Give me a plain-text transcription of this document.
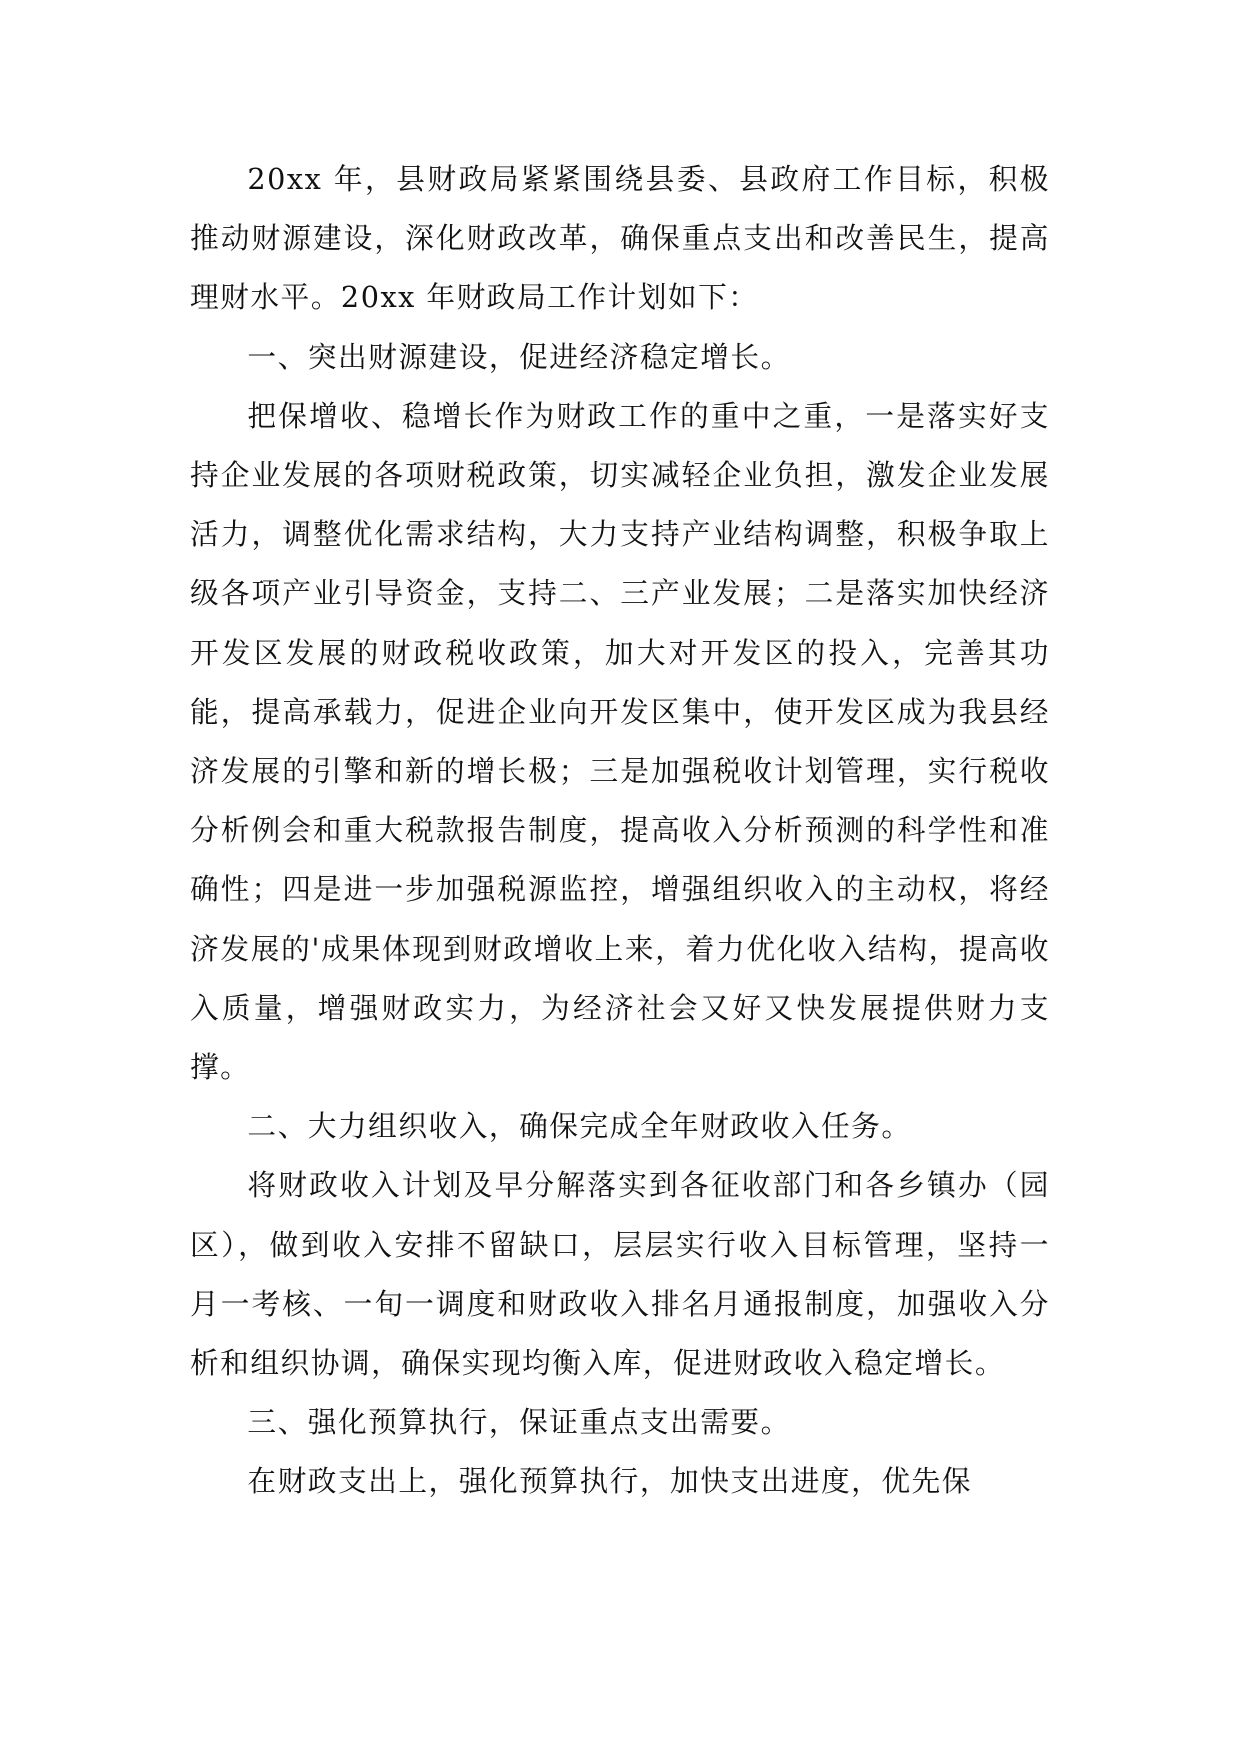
20xx 年，县财政局紧紧围绕县委、县政府工作目标，积极推动财源建设，深化财政改革，确保重点支出和改善民生，提高理财水平。20xx 年财政局工作计划如下：

一、突出财源建设，促进经济稳定增长。

把保增收、稳增长作为财政工作的重中之重，一是落实好支持企业发展的各项财税政策，切实减轻企业负担，激发企业发展活力，调整优化需求结构，大力支持产业结构调整，积极争取上级各项产业引导资金，支持二、三产业发展；二是落实加快经济开发区发展的财政税收政策，加大对开发区的投入，完善其功能，提高承载力，促进企业向开发区集中，使开发区成为我县经济发展的引擎和新的增长极；三是加强税收计划管理，实行税收分析例会和重大税款报告制度，提高收入分析预测的科学性和准确性；四是进一步加强税源监控，增强组织收入的主动权，将经济发展的'成果体现到财政增收上来，着力优化收入结构，提高收入质量，增强财政实力，为经济社会又好又快发展提供财力支撑。

二、大力组织收入，确保完成全年财政收入任务。

将财政收入计划及早分解落实到各征收部门和各乡镇办（园区），做到收入安排不留缺口，层层实行收入目标管理，坚持一月一考核、一旬一调度和财政收入排名月通报制度，加强收入分析和组织协调，确保实现均衡入库，促进财政收入稳定增长。

三、强化预算执行，保证重点支出需要。

在财政支出上，强化预算执行，加快支出进度，优先保
